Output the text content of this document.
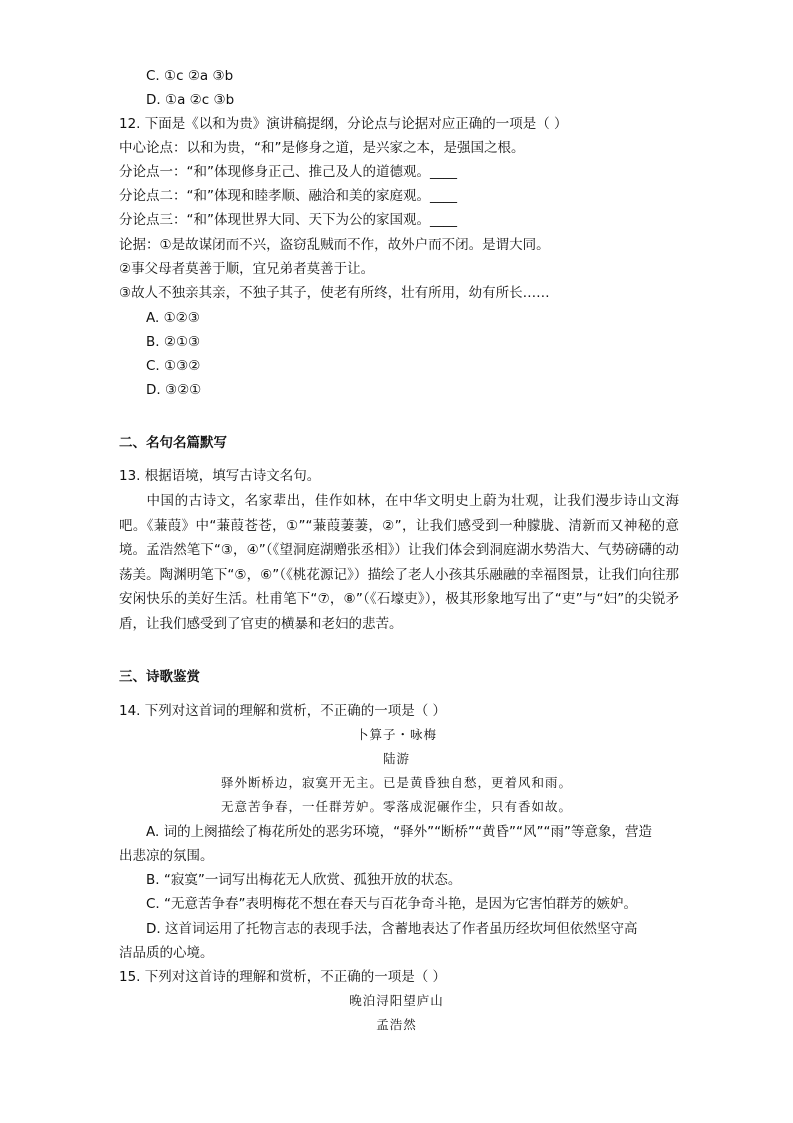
C. ①c ②a ③b
D. ①a ②c ③b
12. 下面是《以和为贵》演讲稿提纲，分论点与论据对应正确的一项是（ ）
中心论点：以和为贵，“和”是修身之道，是兴家之本，是强国之根。
分论点一：“和”体现修身正己、推己及人的道德观。____
分论点二：“和”体现和睦孝顺、融洽和美的家庭观。____
分论点三：“和”体现世界大同、天下为公的家国观。____
论据：①是故谋闭而不兴，盗窃乱贼而不作，故外户而不闭。是谓大同。
②事父母者莫善于顺，宜兄弟者莫善于让。
③故人不独亲其亲，不独子其子，使老有所终，壮有所用，幼有所长……
A. ①②③
B. ②①③
C. ①③②
D. ③②①
二、名句名篇默写
13. 根据语境，填写古诗文名句。
中国的古诗文，名家辈出，佳作如林，在中华文明史上蔚为壮观，让我们漫步诗山文海吧。《蒹葭》中“蒹葭苍苍，①”“蒹葭萋萋，②”，让我们感受到一种朦胧、清新而又神秘的意境。孟浩然笔下“③，④”（《望洞庭湖赠张丞相》）让我们体会到洞庭湖水势浩大、气势磅礴的动荡美。陶渊明笔下“⑤，⑥”（《桃花源记》）描绘了老人小孩其乐融融的幸福图景，让我们向往那安闲快乐的美好生活。杜甫笔下“⑦，⑧”（《石壕吏》），极其形象地写出了“吏”与“妇”的尖锐矛盾，让我们感受到了官吏的横暴和老妇的悲苦。
三、诗歌鉴赏
14. 下列对这首词的理解和赏析，不正确的一项是（ ）
卜算子・咏梅
陆游
驿外断桥边，寂寞开无主。已是黄昏独自愁，更着风和雨。
无意苦争春，一任群芳妒。零落成泥碾作尘，只有香如故。
A. 词的上阕描绘了梅花所处的恶劣环境，“驿外”“断桥”“黄昏”“风”“雨”等意象，营造
出悲凉的氛围。
B. “寂寞”一词写出梅花无人欣赏、孤独开放的状态。
C. “无意苦争春”表明梅花不想在春天与百花争奇斗艳，是因为它害怕群芳的嫉妒。
D. 这首词运用了托物言志的表现手法，含蓄地表达了作者虽历经坎坷但依然坚守高
洁品质的心境。
15. 下列对这首诗的理解和赏析，不正确的一项是（ ）
晚泊浔阳望庐山
孟浩然
